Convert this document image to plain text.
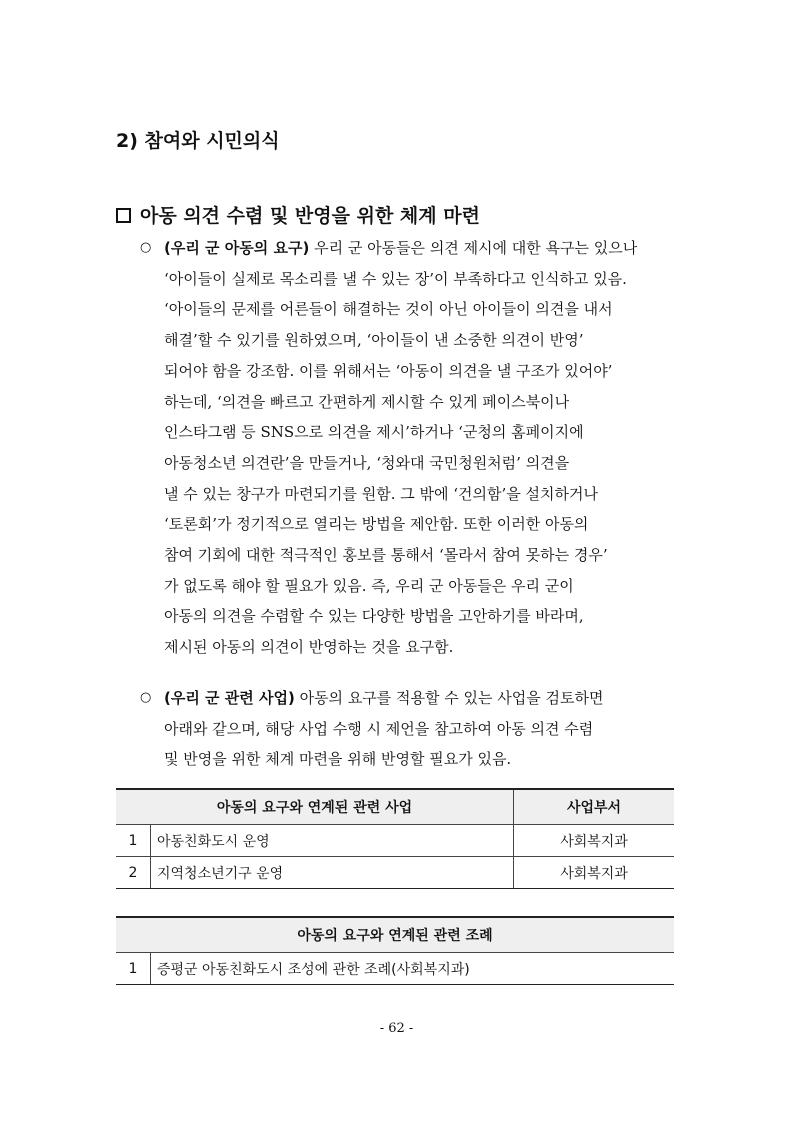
2) 참여와 시민의식
아동 의견 수렴 및 반영을 위한 체계 마련
○ (우리 군 아동의 요구) 우리 군 아동들은 의견 제시에 대한 욕구는 있으나
‘아이들이 실제로 목소리를 낼 수 있는 장’이 부족하다고 인식하고 있음.
‘아이들의 문제를 어른들이 해결하는 것이 아닌 아이들이 의견을 내서
해결’할 수 있기를 원하였으며, ‘아이들이 낸 소중한 의견이 반영’
되어야 함을 강조함. 이를 위해서는 ‘아동이 의견을 낼 구조가 있어야’
하는데, ‘의견을 빠르고 간편하게 제시할 수 있게 페이스북이나
인스타그램 등 SNS으로 의견을 제시’하거나 ‘군청의 홈페이지에
아동청소년 의견란’을 만들거나, ‘청와대 국민청원처럼’ 의견을
낼 수 있는 창구가 마련되기를 원함. 그 밖에 ‘건의함’을 설치하거나
‘토론회’가 정기적으로 열리는 방법을 제안함. 또한 이러한 아동의
참여 기회에 대한 적극적인 홍보를 통해서 ‘몰라서 참여 못하는 경우’
가 없도록 해야 할 필요가 있음. 즉, 우리 군 아동들은 우리 군이
아동의 의견을 수렴할 수 있는 다양한 방법을 고안하기를 바라며,
제시된 아동의 의견이 반영하는 것을 요구함.
○ (우리 군 관련 사업) 아동의 요구를 적용할 수 있는 사업을 검토하면
아래와 같으며, 해당 사업 수행 시 제언을 참고하여 아동 의견 수렴
및 반영을 위한 체계 마련을 위해 반영할 필요가 있음.
아동의 요구와 연계된 관련 사업		사업부서
1	아동친화도시 운영	사회복지과
2	지역청소년기구 운영	사회복지과
아동의 요구와 연계된 관련 조례
1	증평군 아동친화도시 조성에 관한 조례(사회복지과)
- 62 -
